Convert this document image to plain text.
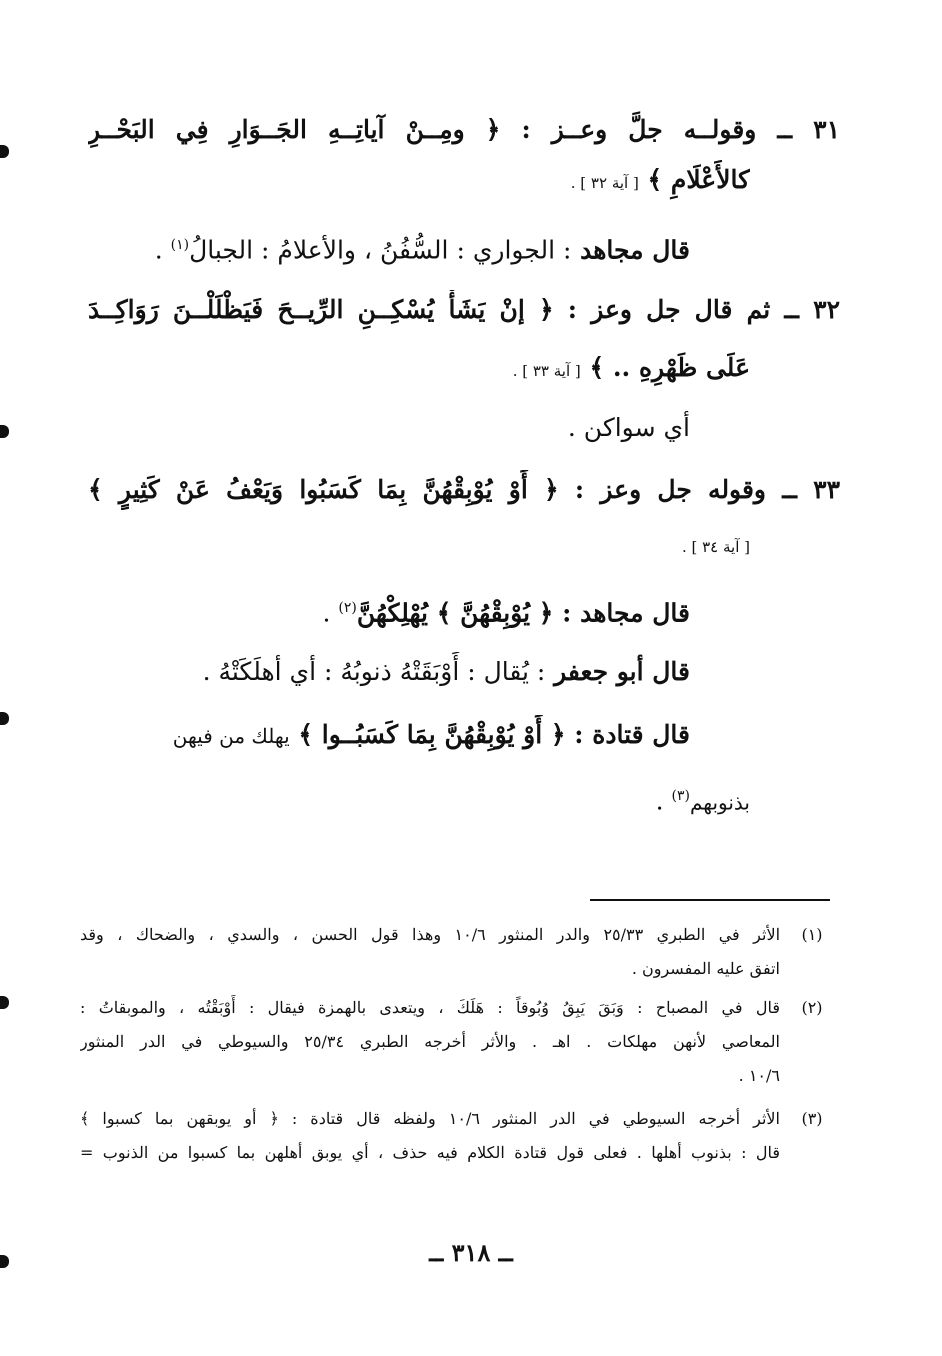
٣١ ــ وقولــه جلَّ وعــز : ﴿ ومِــنْ آياتِــهِ الجَــوَارِ فِي البَحْــرِ
كالأَعْلَامِ ﴾ [ آية ٣٢ ] .
قال مجاهد : الجواري : السُّفُنُ ، والأعلامُ : الجبالُ$^{(١)}$ .
٣٢ ــ ثم قال جل وعز : ﴿ إنْ يَشَأْ يُسْكِــنِ الرِّيــحَ فَيَظْلَلْــنَ رَوَاكِــدَ
عَلَى ظَهْرِهِ .. ﴾ [ آية ٣٣ ] .
أي سواكن .
٣٣ ــ وقوله جل وعز : ﴿ أَوْ يُوْبِقْهُنَّ بِمَا كَسَبُوا وَيَعْفُ عَنْ كَثِيرٍ ﴾
[ آية ٣٤ ] .
قال مجاهد : ﴿ يُوْبِقْهُنَّ ﴾ يُهْلِكْهُنَّ$^{(٢)}$ .
قال أبو جعفر : يُقال : أَوْبَقَتْهُ ذنوبُهُ : أي أهلَكَتْهُ .
قال قتادة : ﴿ أَوْ يُوْبِقْهُنَّ بِمَا كَسَبُــوا ﴾ يهلك من فيهن
بذنوبهم$^{(٣)}$ .
(١)
الأثر في الطبري ٢٥/٣٣ والدر المنثور ١٠/٦ وهذا قول الحسن ، والسدي ، والضحاك ، وقد
اتفق عليه المفسرون .
(٢)
قال في المصباح : وَبَقَ يَبِقُ وُبُوقاً : هَلَكَ ، ويتعدى بالهمزة فيقال : أَوْبَقْتُه ، والموبقاتُ :
المعاصي لأنهن مهلكات . اهـ . والأثر أخرجه الطبري ٢٥/٣٤ والسيوطي في الدر المنثور
١٠/٦ .
(٣)
الأثر أخرجه السيوطي في الدر المنثور ١٠/٦ ولفظه قال قتادة : ﴿ أو يوبقهن بما كسبوا ﴾
قال : بذنوب أهلها . فعلى قول قتادة الكلام فيه حذف ، أي يوبق أهلهن بما كسبوا من الذنوب =
ــ ٣١٨ ــ
